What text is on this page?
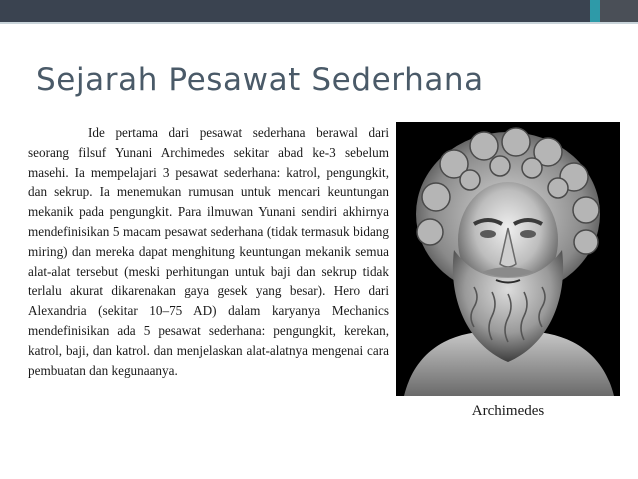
Sejarah Pesawat Sederhana

Ide pertama dari pesawat sederhana berawal dari seorang filsuf Yunani Archimedes sekitar abad ke-3 sebelum masehi. Ia mempelajari 3 pesawat sederhana: katrol, pengungkit, dan sekrup. Ia menemukan rumusan untuk mencari keuntungan mekanik pada pengungkit. Para ilmuwan Yunani sendiri akhirnya mendefinisikan 5 macam pesawat sederhana (tidak termasuk bidang miring) dan mereka dapat menghitung keuntungan mekanik semua alat-alat tersebut (meski perhitungan untuk baji dan sekrup tidak terlalu akurat dikarenakan gaya gesek yang besar). Hero dari Alexandria (sekitar 10–75 AD) dalam karyanya Mechanics mendefinisikan ada 5 pesawat sederhana: pengungkit, kerekan, katrol, baji, dan katrol. dan menjelaskan alat-alatnya mengenai cara pembuatan dan kegunaanya.

Archimedes
